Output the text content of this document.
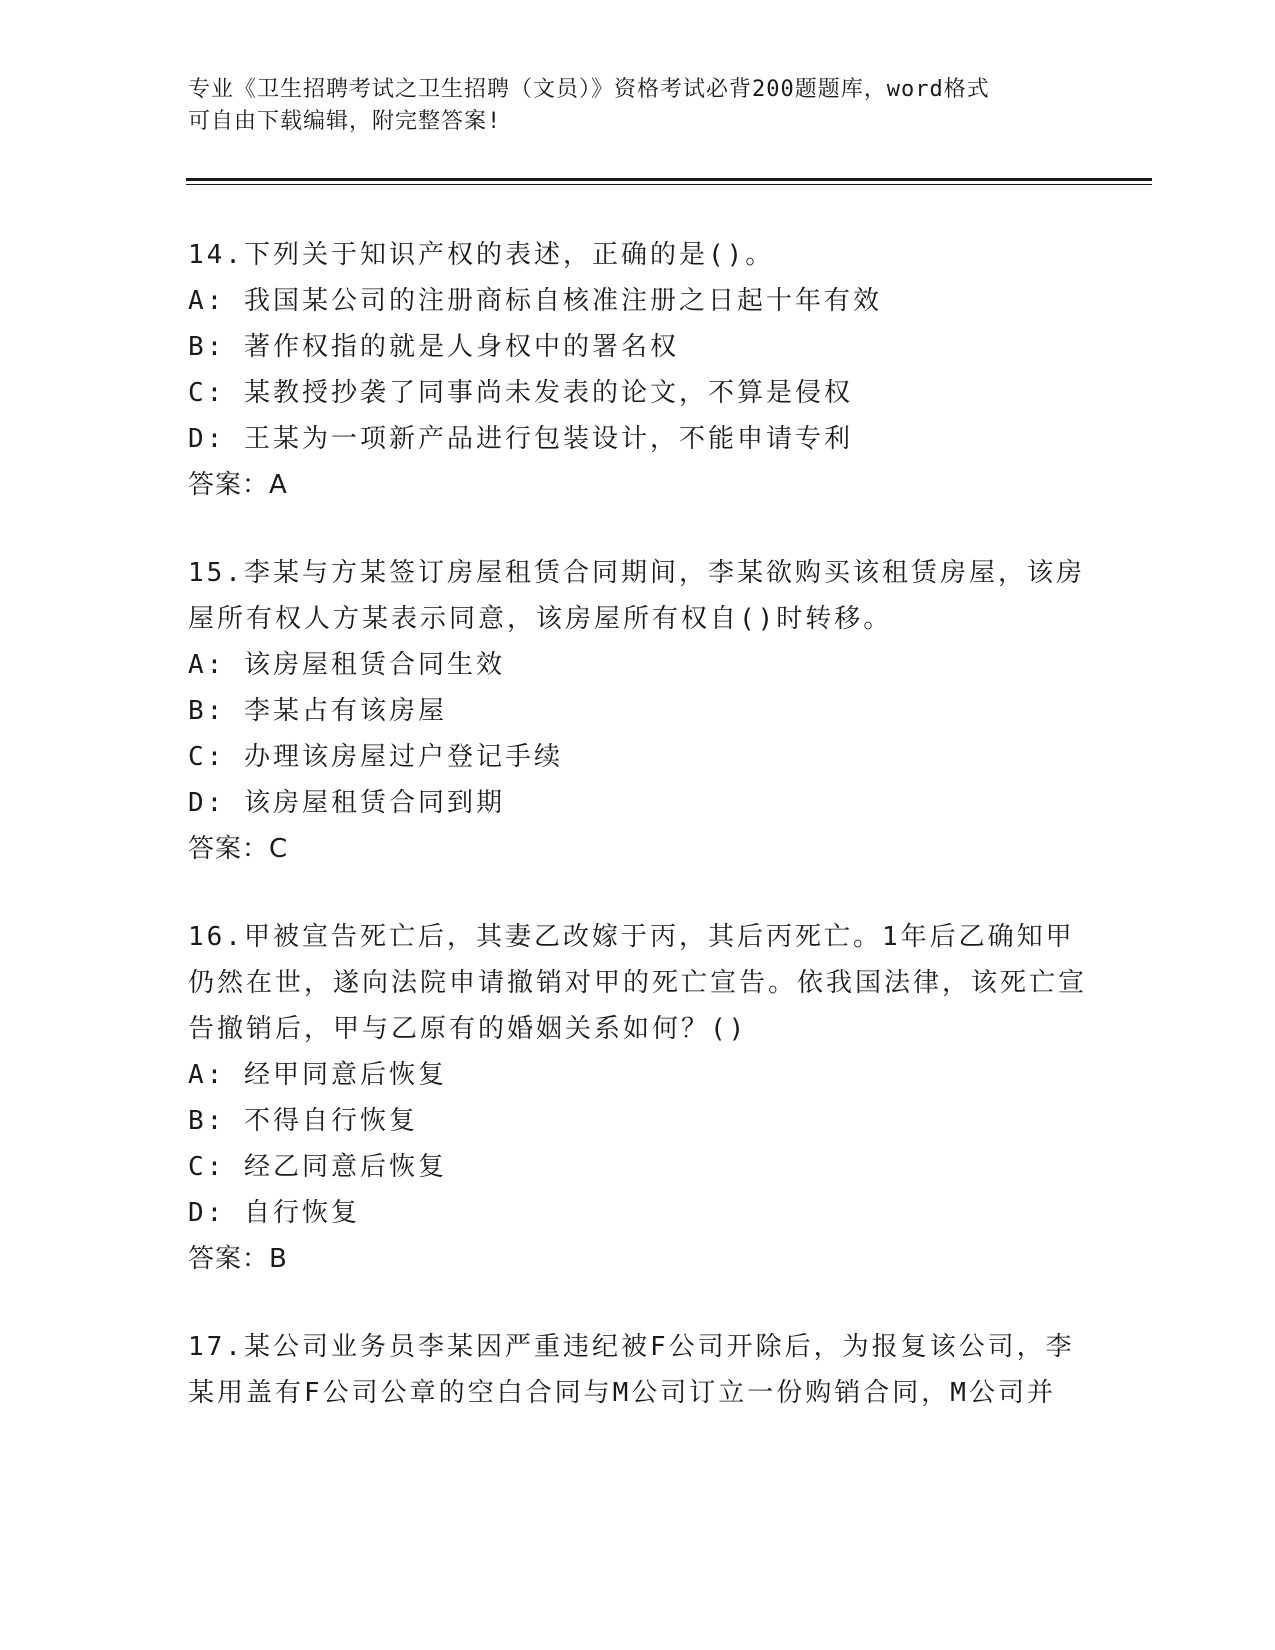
专业《卫生招聘考试之卫生招聘（文员）》资格考试必背200题题库，word格式
可自由下载编辑，附完整答案!
14.下列关于知识产权的表述，正确的是()。
A: 我国某公司的注册商标自核准注册之日起十年有效
B: 著作权指的就是人身权中的署名权
C: 某教授抄袭了同事尚未发表的论文，不算是侵权
D: 王某为一项新产品进行包装设计，不能申请专利
答案：A
15.李某与方某签订房屋租赁合同期间，李某欲购买该租赁房屋，该房屋所有权人方某表示同意，该房屋所有权自()时转移。
A: 该房屋租赁合同生效
B: 李某占有该房屋
C: 办理该房屋过户登记手续
D: 该房屋租赁合同到期
答案：C
16.甲被宣告死亡后，其妻乙改嫁于丙，其后丙死亡。1年后乙确知甲仍然在世，遂向法院申请撤销对甲的死亡宣告。依我国法律，该死亡宣告撤销后，甲与乙原有的婚姻关系如何？()
A: 经甲同意后恢复
B: 不得自行恢复
C: 经乙同意后恢复
D: 自行恢复
答案：B
17.某公司业务员李某因严重违纪被F公司开除后，为报复该公司，李某用盖有F公司公章的空白合同与M公司订立一份购销合同，M公司并
